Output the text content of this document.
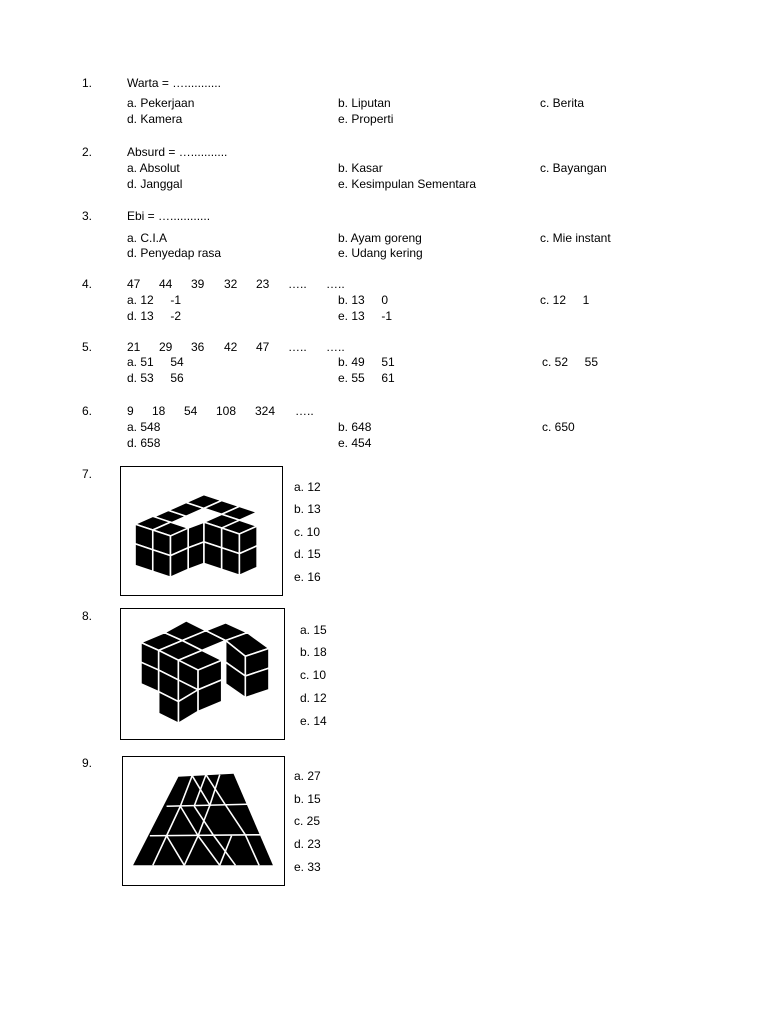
1.	Warta = …...........
a. Pekerjaan	b. Liputan	c. Berita
d. Kamera	e. Properti
2.	Absurd = …...........
a. Absolut	b. Kasar	c. Bayangan
d. Janggal	e. Kesimpulan Sementara
3.	Ebi = …............
a. C.I.A	b. Ayam goreng	c. Mie instant
d. Penyedap rasa	e. Udang kering
4.	47 44 39 32 23 ….. …..
a. 12     -1	b. 13     0	c. 12     1
d. 13     -2	e. 13     -1
5.	21 29 36 42 47 ….. …..
a. 51     54	b. 49     51	c. 52     55
d. 53     56	e. 55     61
6.	9 18 54 108 324 …..
a. 548	b. 648	c. 650
d. 658	e. 454
7.
a. 12
b. 13
c. 10
d. 15
e. 16
8.
a. 15
b. 18
c. 10
d. 12
e. 14
9.
a. 27
b. 15
c. 25
d. 23
e. 33
